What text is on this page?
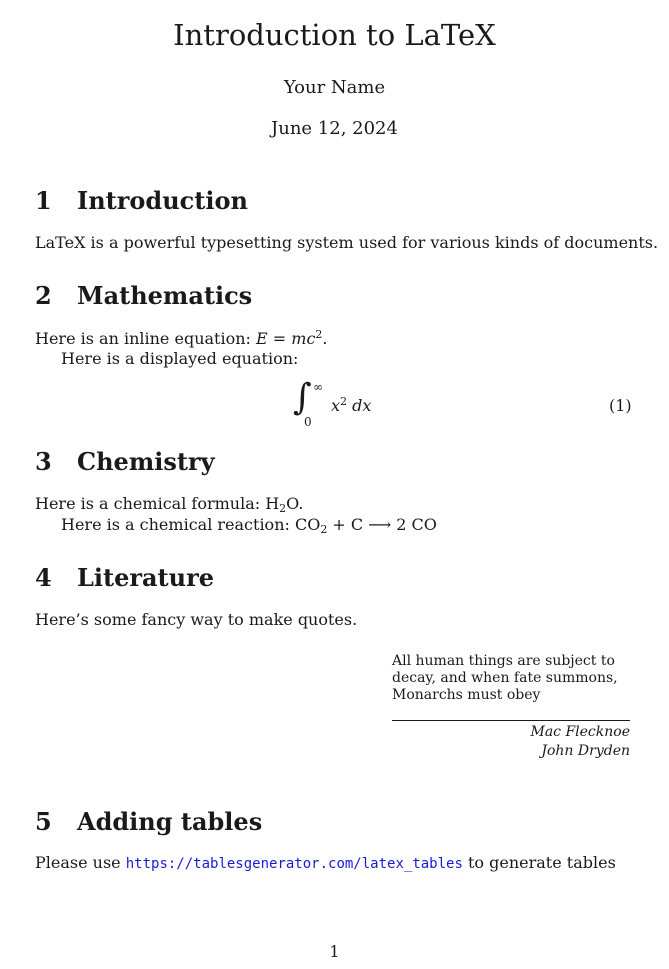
Introduction to LaTeX
Your Name
June 12, 2024
1 Introduction
LaTeX is a powerful typesetting system used for various kinds of documents.
2 Mathematics
Here is an inline equation: $E = mc^2$.
Here is a displayed equation:
∫ ∞
0
$x^2$ dx	(1)
3 Chemistry
Here is a chemical formula: $H_2O$.
Here is a chemical reaction: $CO_2 + C$ ⟶ 2 CO
4 Literature
Here’s some fancy way to make quotes.
All human things are subject to
decay, and when fate summons,
Monarchs must obey
Mac Flecknoe
John Dryden
5 Adding tables
Please use https://tablesgenerator.com/latex_tables to generate tables
1
